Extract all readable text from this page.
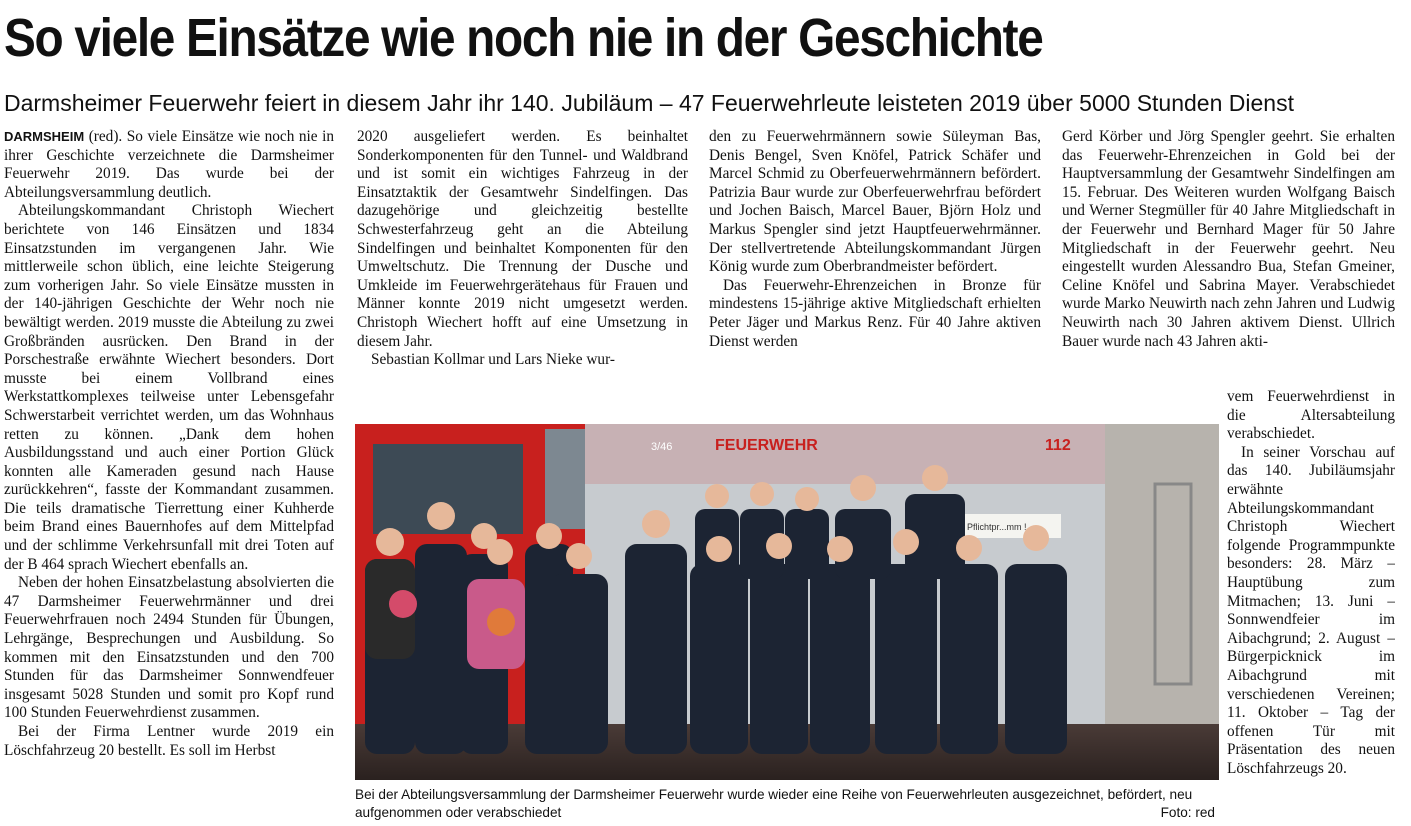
So viele Einsätze wie noch nie in der Geschichte
Darmsheimer Feuerwehr feiert in diesem Jahr ihr 140. Jubiläum – 47 Feuerwehrleute leisteten 2019 über 5000 Stunden Dienst

DARMSHEIM (red). So viele Einsätze wie noch nie in ihrer Geschichte verzeichnete die Darmsheimer Feuerwehr 2019. Das wurde bei der Abteilungsversammlung deutlich.

Abteilungskommandant Christoph Wiechert berichtete von 146 Einsätzen und 1834 Einsatzstunden im vergangenen Jahr. Wie mittlerweile schon üblich, eine leichte Steigerung zum vorherigen Jahr. So viele Einsätze mussten in der 140-jährigen Geschichte der Wehr noch nie bewältigt werden. 2019 musste die Abteilung zu zwei Großbränden ausrücken. Den Brand in der Porschestraße erwähnte Wiechert besonders. Dort musste bei einem Vollbrand eines Werkstattkomplexes teilweise unter Lebensgefahr Schwerstarbeit verrichtet werden, um das Wohnhaus retten zu können. „Dank dem hohen Ausbildungsstand und auch einer Portion Glück konnten alle Kameraden gesund nach Hause zurückkehren“, fasste der Kommandant zusammen. Die teils dramatische Tierrettung einer Kuhherde beim Brand eines Bauernhofes auf dem Mittelpfad und der schlimme Verkehrsunfall mit drei Toten auf der B 464 sprach Wiechert ebenfalls an.

Neben der hohen Einsatzbelastung absolvierten die 47 Darmsheimer Feuerwehrmänner und drei Feuerwehrfrauen noch 2494 Stunden für Übungen, Lehrgänge, Besprechungen und Ausbildung. So kommen mit den Einsatzstunden und den 700 Stunden für das Darmsheimer Sonnwendfeuer insgesamt 5028 Stunden und somit pro Kopf rund 100 Stunden Feuerwehrdienst zusammen.

Bei der Firma Lentner wurde 2019 ein Löschfahrzeug 20 bestellt. Es soll im Herbst

2020 ausgeliefert werden. Es beinhaltet Sonderkomponenten für den Tunnel- und Waldbrand und ist somit ein wichtiges Fahrzeug in der Einsatztaktik der Gesamtwehr Sindelfingen. Das dazugehörige und gleichzeitig bestellte Schwesterfahrzeug geht an die Abteilung Sindelfingen und beinhaltet Komponenten für den Umweltschutz. Die Trennung der Dusche und Umkleide im Feuerwehrgerätehaus für Frauen und Männer konnte 2019 nicht umgesetzt werden. Christoph Wiechert hofft auf eine Umsetzung in diesem Jahr.

Sebastian Kollmar und Lars Nieke wur-

den zu Feuerwehrmännern sowie Süleyman Bas, Denis Bengel, Sven Knöfel, Patrick Schäfer und Marcel Schmid zu Oberfeuerwehrmännern befördert. Patrizia Baur wurde zur Oberfeuerwehrfrau befördert und Jochen Baisch, Marcel Bauer, Björn Holz und Markus Spengler sind jetzt Hauptfeuerwehrmänner. Der stellvertretende Abteilungskommandant Jürgen König wurde zum Oberbrandmeister befördert.

Das Feuerwehr-Ehrenzeichen in Bronze für mindestens 15-jährige aktive Mitgliedschaft erhielten Peter Jäger und Markus Renz. Für 40 Jahre aktiven Dienst werden

Gerd Körber und Jörg Spengler geehrt. Sie erhalten das Feuerwehr-Ehrenzeichen in Gold bei der Hauptversammlung der Gesamtwehr Sindelfingen am 15. Februar. Des Weiteren wurden Wolfgang Baisch und Werner Stegmüller für 40 Jahre Mitgliedschaft in der Feuerwehr und Bernhard Mager für 50 Jahre Mitgliedschaft in der Feuerwehr geehrt. Neu eingestellt wurden Alessandro Bua, Stefan Gmeiner, Celine Knöfel und Sabrina Mayer. Verabschiedet wurde Marko Neuwirth nach zehn Jahren und Ludwig Neuwirth nach 30 Jahren aktivem Dienst. Ullrich Bauer wurde nach 43 Jahren akti-

vem Feuerwehrdienst in die Altersabteilung verabschiedet.

In seiner Vorschau auf das 140. Jubiläumsjahr erwähnte Abteilungskommandant Christoph Wiechert folgende Programmpunkte besonders: 28. März – Hauptübung zum Mitmachen; 13. Juni – Sonnwendfeier im Aibachgrund; 2. August – Bürgerpicknick im Aibachgrund mit verschiedenen Vereinen; 11. Oktober – Tag der offenen Tür mit Präsentation des neuen Löschfahrzeugs 20.

FEUERWEHR	112
3/46
Pflichtpr...mm !
Bei der Abteilungsversammlung der Darmsheimer Feuerwehr wurde wieder eine Reihe von Feuerwehrleuten ausgezeichnet, befördert, neu aufgenommen oder verabschiedet	Foto: red
